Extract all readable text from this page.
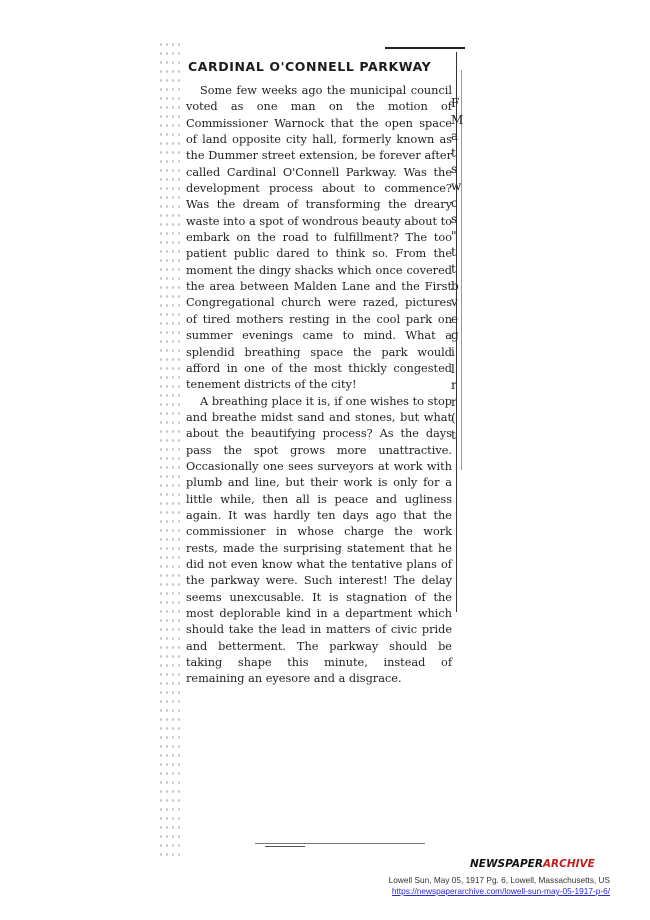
F
M
a
t
s
w
c
s
"
t
t
b
v
e
g
i
l
r
r
(
t
CARDINAL O'CONNELL PARKWAY

Some few weeks ago the municipal council voted as one man on the motion of Commissioner Warnock that the open space of land opposite city hall, formerly known as the Dummer street extension, be forever after called Cardinal O'Connell Parkway. Was the development process about to commence? Was the dream of transforming the dreary waste into a spot of wondrous beauty about to embark on the road to fulfillment? The too patient public dared to think so. From the moment the dingy shacks which once covered the area between Malden Lane and the First Congregational church were razed, pictures of tired mothers resting in the cool park on summer evenings came to mind. What a splendid breathing space the park would afford in one of the most thickly congested tenement districts of the city!

A breathing place it is, if one wishes to stop and breathe midst sand and stones, but what about the beautifying process? As the days pass the spot grows more unattractive. Occasionally one sees surveyors at work with plumb and line, but their work is only for a little while, then all is peace and ugliness again. It was hardly ten days ago that the commissioner in whose charge the work rests, made the surprising statement that he did not even know what the tentative plans of the parkway were. Such interest! The delay seems unexcusable. It is stagnation of the most deplorable kind in a department which should take the lead in matters of civic pride and betterment. The parkway should be taking shape this minute, instead of remaining an eyesore and a disgrace.

NEWSPAPERARCHIVE
Lowell Sun, May 05, 1917 Pg. 6, Lowell, Massachusetts, US
https://newspaperarchive.com/lowell-sun-may-05-1917-p-6/
